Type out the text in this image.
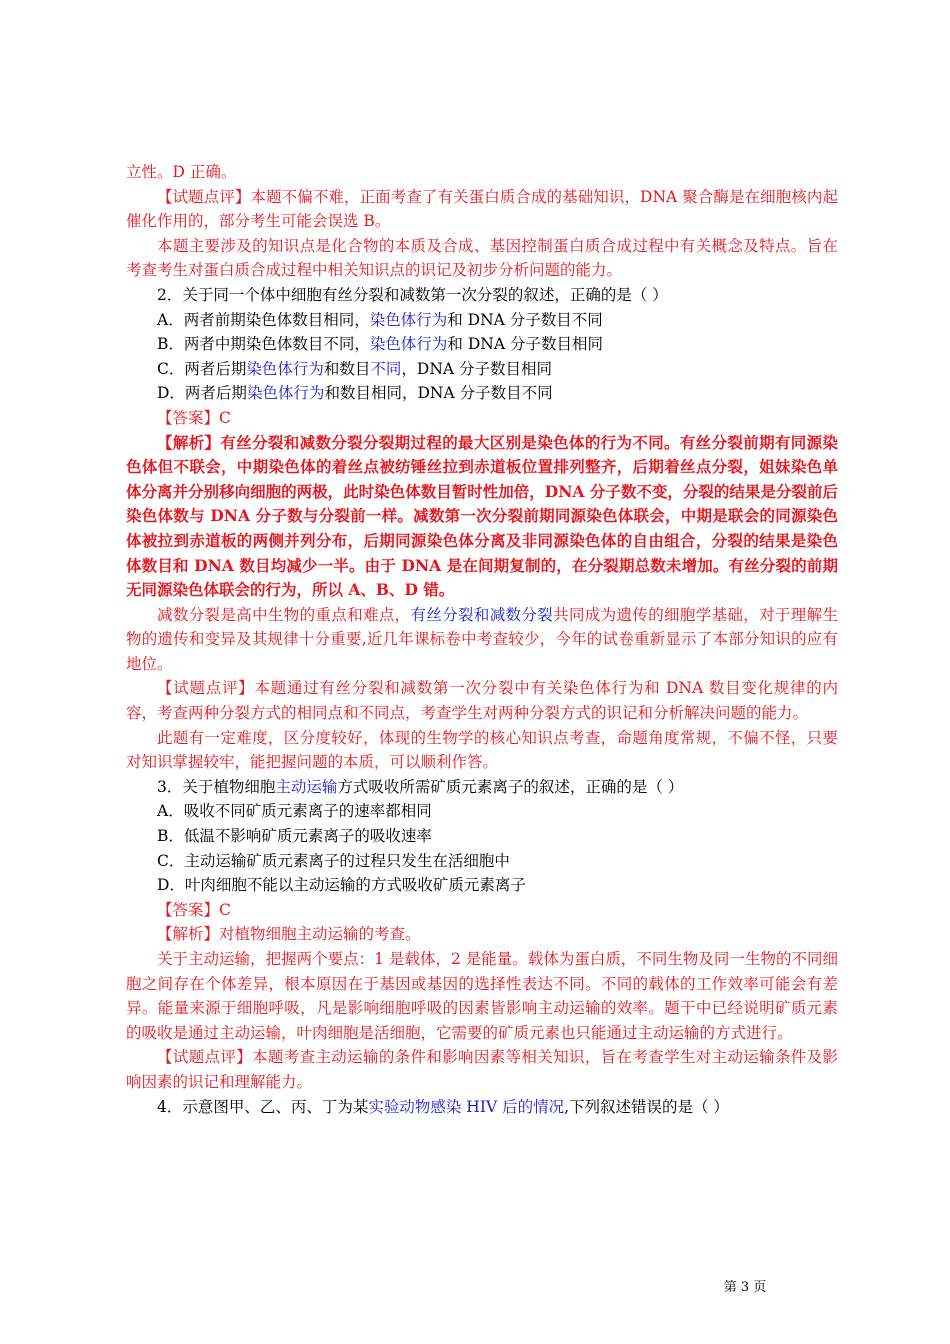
立性。D 正确。

【试题点评】本题不偏不难，正面考查了有关蛋白质合成的基础知识，DNA 聚合酶是在细胞核内起催化作用的，部分考生可能会误选 B。

本题主要涉及的知识点是化合物的本质及合成、基因控制蛋白质合成过程中有关概念及特点。旨在考查考生对蛋白质合成过程中相关知识点的识记及初步分析问题的能力。

2．关于同一个体中细胞有丝分裂和减数第一次分裂的叙述，正确的是（ ）

A．两者前期染色体数目相同，染色体行为和 DNA 分子数目不同

B．两者中期染色体数目不同，染色体行为和 DNA 分子数目相同

C．两者后期染色体行为和数目不同，DNA 分子数目相同

D．两者后期染色体行为和数目相同，DNA 分子数目不同

【答案】C

【解析】有丝分裂和减数分裂分裂期过程的最大区别是染色体的行为不同。有丝分裂前期有同源染色体但不联会，中期染色体的着丝点被纺锤丝拉到赤道板位置排列整齐，后期着丝点分裂，姐妹染色单体分离并分别移向细胞的两极，此时染色体数目暂时性加倍，DNA 分子数不变，分裂的结果是分裂前后染色体数与 DNA 分子数与分裂前一样。减数第一次分裂前期同源染色体联会，中期是联会的同源染色体被拉到赤道板的两侧并列分布，后期同源染色体分离及非同源染色体的自由组合，分裂的结果是染色体数目和 DNA 数目均减少一半。由于 DNA 是在间期复制的，在分裂期总数未增加。有丝分裂的前期无同源染色体联会的行为，所以 A、B、D 错。

减数分裂是高中生物的重点和难点，有丝分裂和减数分裂共同成为遗传的细胞学基础，对于理解生物的遗传和变异及其规律十分重要,近几年课标卷中考查较少，今年的试卷重新显示了本部分知识的应有地位。

【试题点评】本题通过有丝分裂和减数第一次分裂中有关染色体行为和 DNA 数目变化规律的内容，考查两种分裂方式的相同点和不同点，考查学生对两种分裂方式的识记和分析解决问题的能力。

此题有一定难度，区分度较好，体现的生物学的核心知识点考查，命题角度常规，不偏不怪，只要对知识掌握较牢，能把握问题的本质，可以顺利作答。

3．关于植物细胞主动运输方式吸收所需矿质元素离子的叙述，正确的是（ ）

A．吸收不同矿质元素离子的速率都相同

B．低温不影响矿质元素离子的吸收速率

C．主动运输矿质元素离子的过程只发生在活细胞中

D．叶肉细胞不能以主动运输的方式吸收矿质元素离子

【答案】C

【解析】对植物细胞主动运输的考查。

关于主动运输，把握两个要点：1 是载体，2 是能量。载体为蛋白质，不同生物及同一生物的不同细胞之间存在个体差异，根本原因在于基因或基因的选择性表达不同。不同的载体的工作效率可能会有差异。能量来源于细胞呼吸，凡是影响细胞呼吸的因素皆影响主动运输的效率。题干中已经说明矿质元素的吸收是通过主动运输，叶肉细胞是活细胞，它需要的矿质元素也只能通过主动运输的方式进行。

【试题点评】本题考查主动运输的条件和影响因素等相关知识，旨在考查学生对主动运输条件及影响因素的识记和理解能力。

4．示意图甲、乙、丙、丁为某实验动物感染 HIV 后的情况,下列叙述错误的是（ ）

第 3 页
